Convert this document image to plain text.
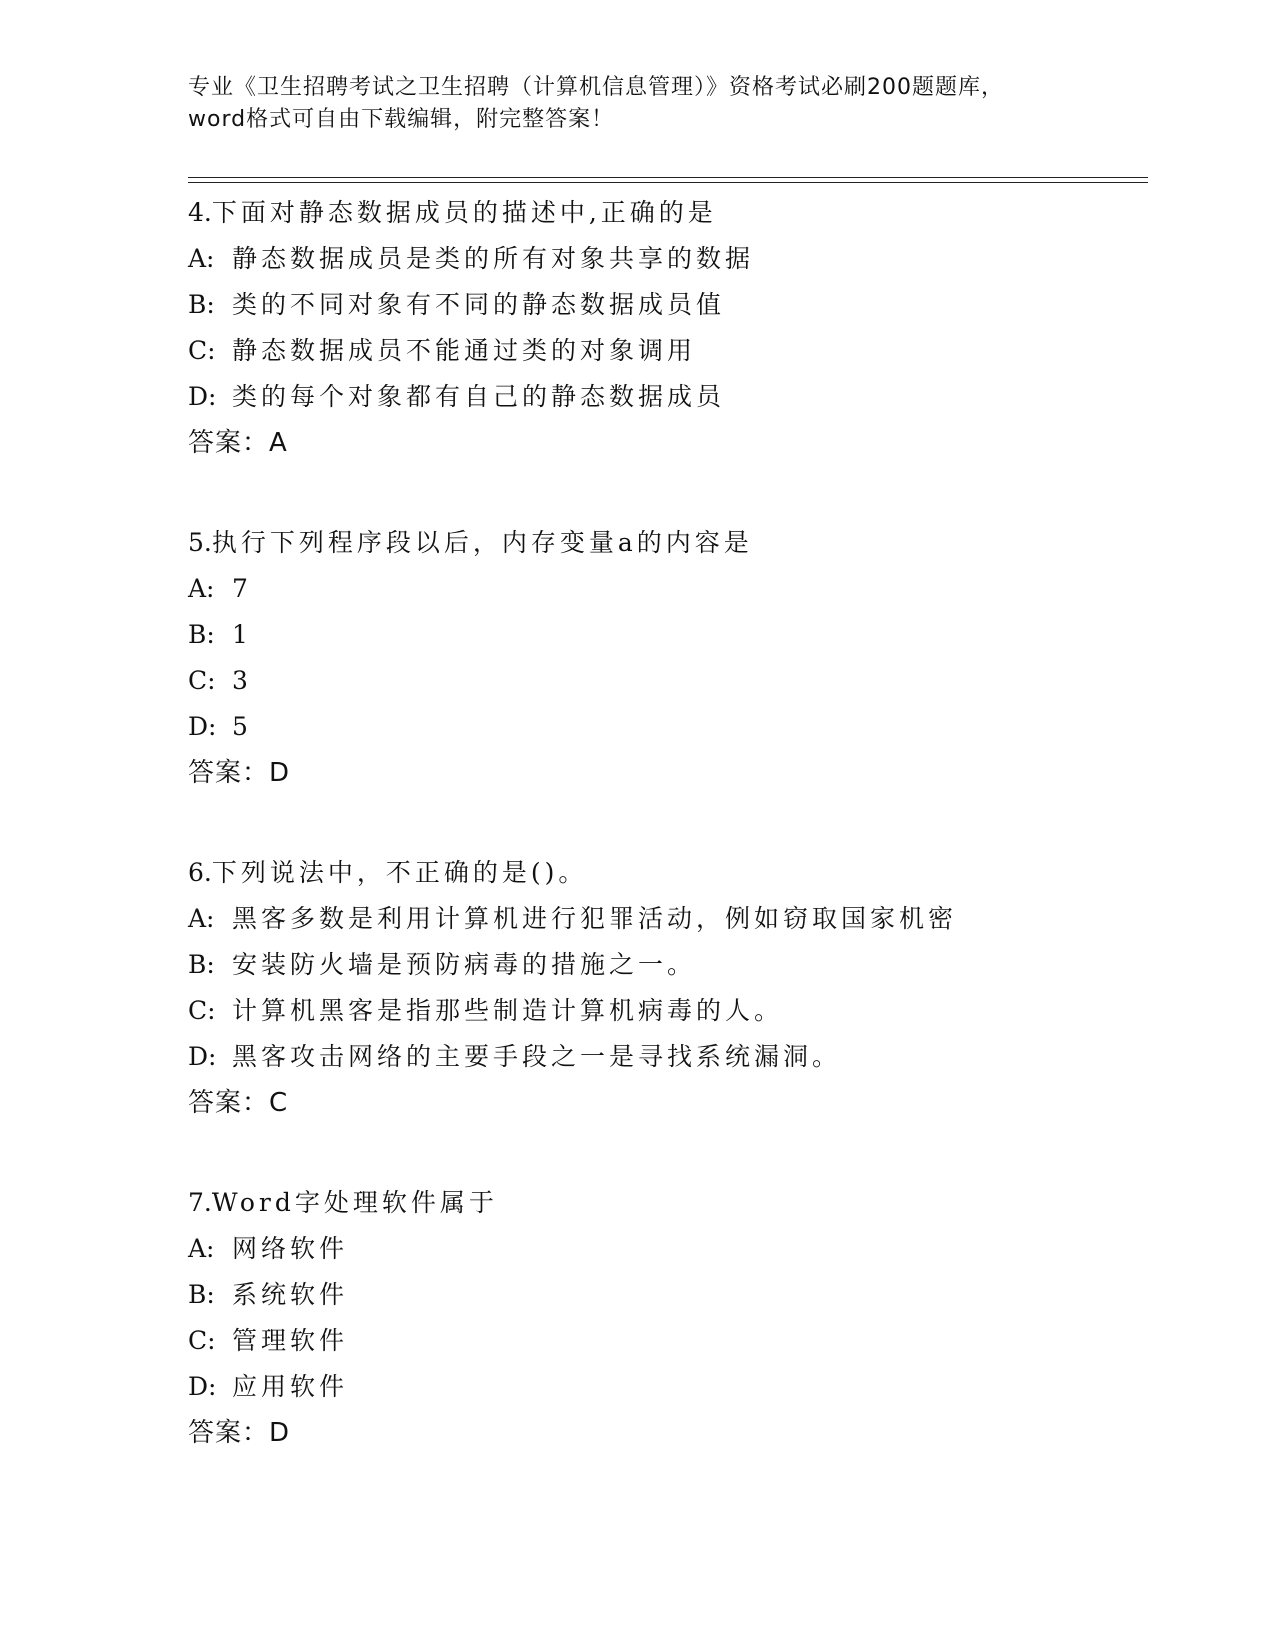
专业《卫生招聘考试之卫生招聘（计算机信息管理）》资格考试必刷200题题库，
word格式可自由下载编辑，附完整答案！
4.下面对静态数据成员的描述中,正确的是
A: 静态数据成员是类的所有对象共享的数据
B: 类的不同对象有不同的静态数据成员值
C: 静态数据成员不能通过类的对象调用
D: 类的每个对象都有自己的静态数据成员
答案：A
5.执行下列程序段以后，内存变量a的内容是
A: 7
B: 1
C: 3
D: 5
答案：D
6.下列说法中，不正确的是()。
A: 黑客多数是利用计算机进行犯罪活动，例如窃取国家机密
B: 安装防火墙是预防病毒的措施之一。
C: 计算机黑客是指那些制造计算机病毒的人。
D: 黑客攻击网络的主要手段之一是寻找系统漏洞。
答案：C
7.Word字处理软件属于
A: 网络软件
B: 系统软件
C: 管理软件
D: 应用软件
答案：D
